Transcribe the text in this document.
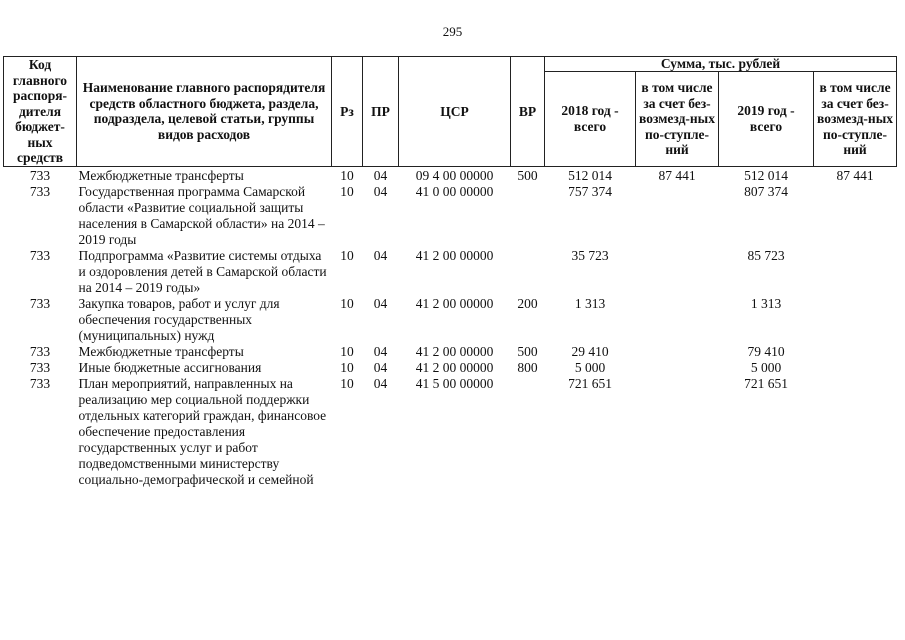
295
Код главного распоря-дителя бюджет-ных средств	Наименование главного распорядителя средств областного бюджета, раздела, подраздела, целевой статьи, группы видов расходов	Рз	ПР	ЦСР	ВР	Сумма, тыс. рублей			
						2018 год - всего	в том числе за счет без-возмезд-ных по-ступле-ний	2019 год - всего	в том числе за счет без-возмезд-ных по-ступле-ний
733	Межбюджетные трансферты	10	04	09 4 00 00000	500	512 014	87 441	512 014	87 441
733	Государственная программа Самарской области «Развитие социальной защиты населения в Самарской области» на 2014 – 2019 годы	10	04	41 0 00 00000		757 374		807 374	
733	Подпрограмма «Развитие системы отдыха и оздоровления детей в Самарской области на 2014 – 2019 годы»	10	04	41 2 00 00000		35 723		85 723	
733	Закупка товаров, работ и услуг для обеспечения государственных (муниципальных) нужд	10	04	41 2 00 00000	200	1 313		1 313	
733	Межбюджетные трансферты	10	04	41 2 00 00000	500	29 410		79 410	
733	Иные бюджетные ассигнования	10	04	41 2 00 00000	800	5 000		5 000	
733	План мероприятий, направленных на реализацию мер социальной поддержки отдельных категорий граждан, финансовое обеспечение предоставления государственных услуг и работ подведомственными министерству социально-демографической и семейной	10	04	41 5 00 00000		721 651		721 651	
